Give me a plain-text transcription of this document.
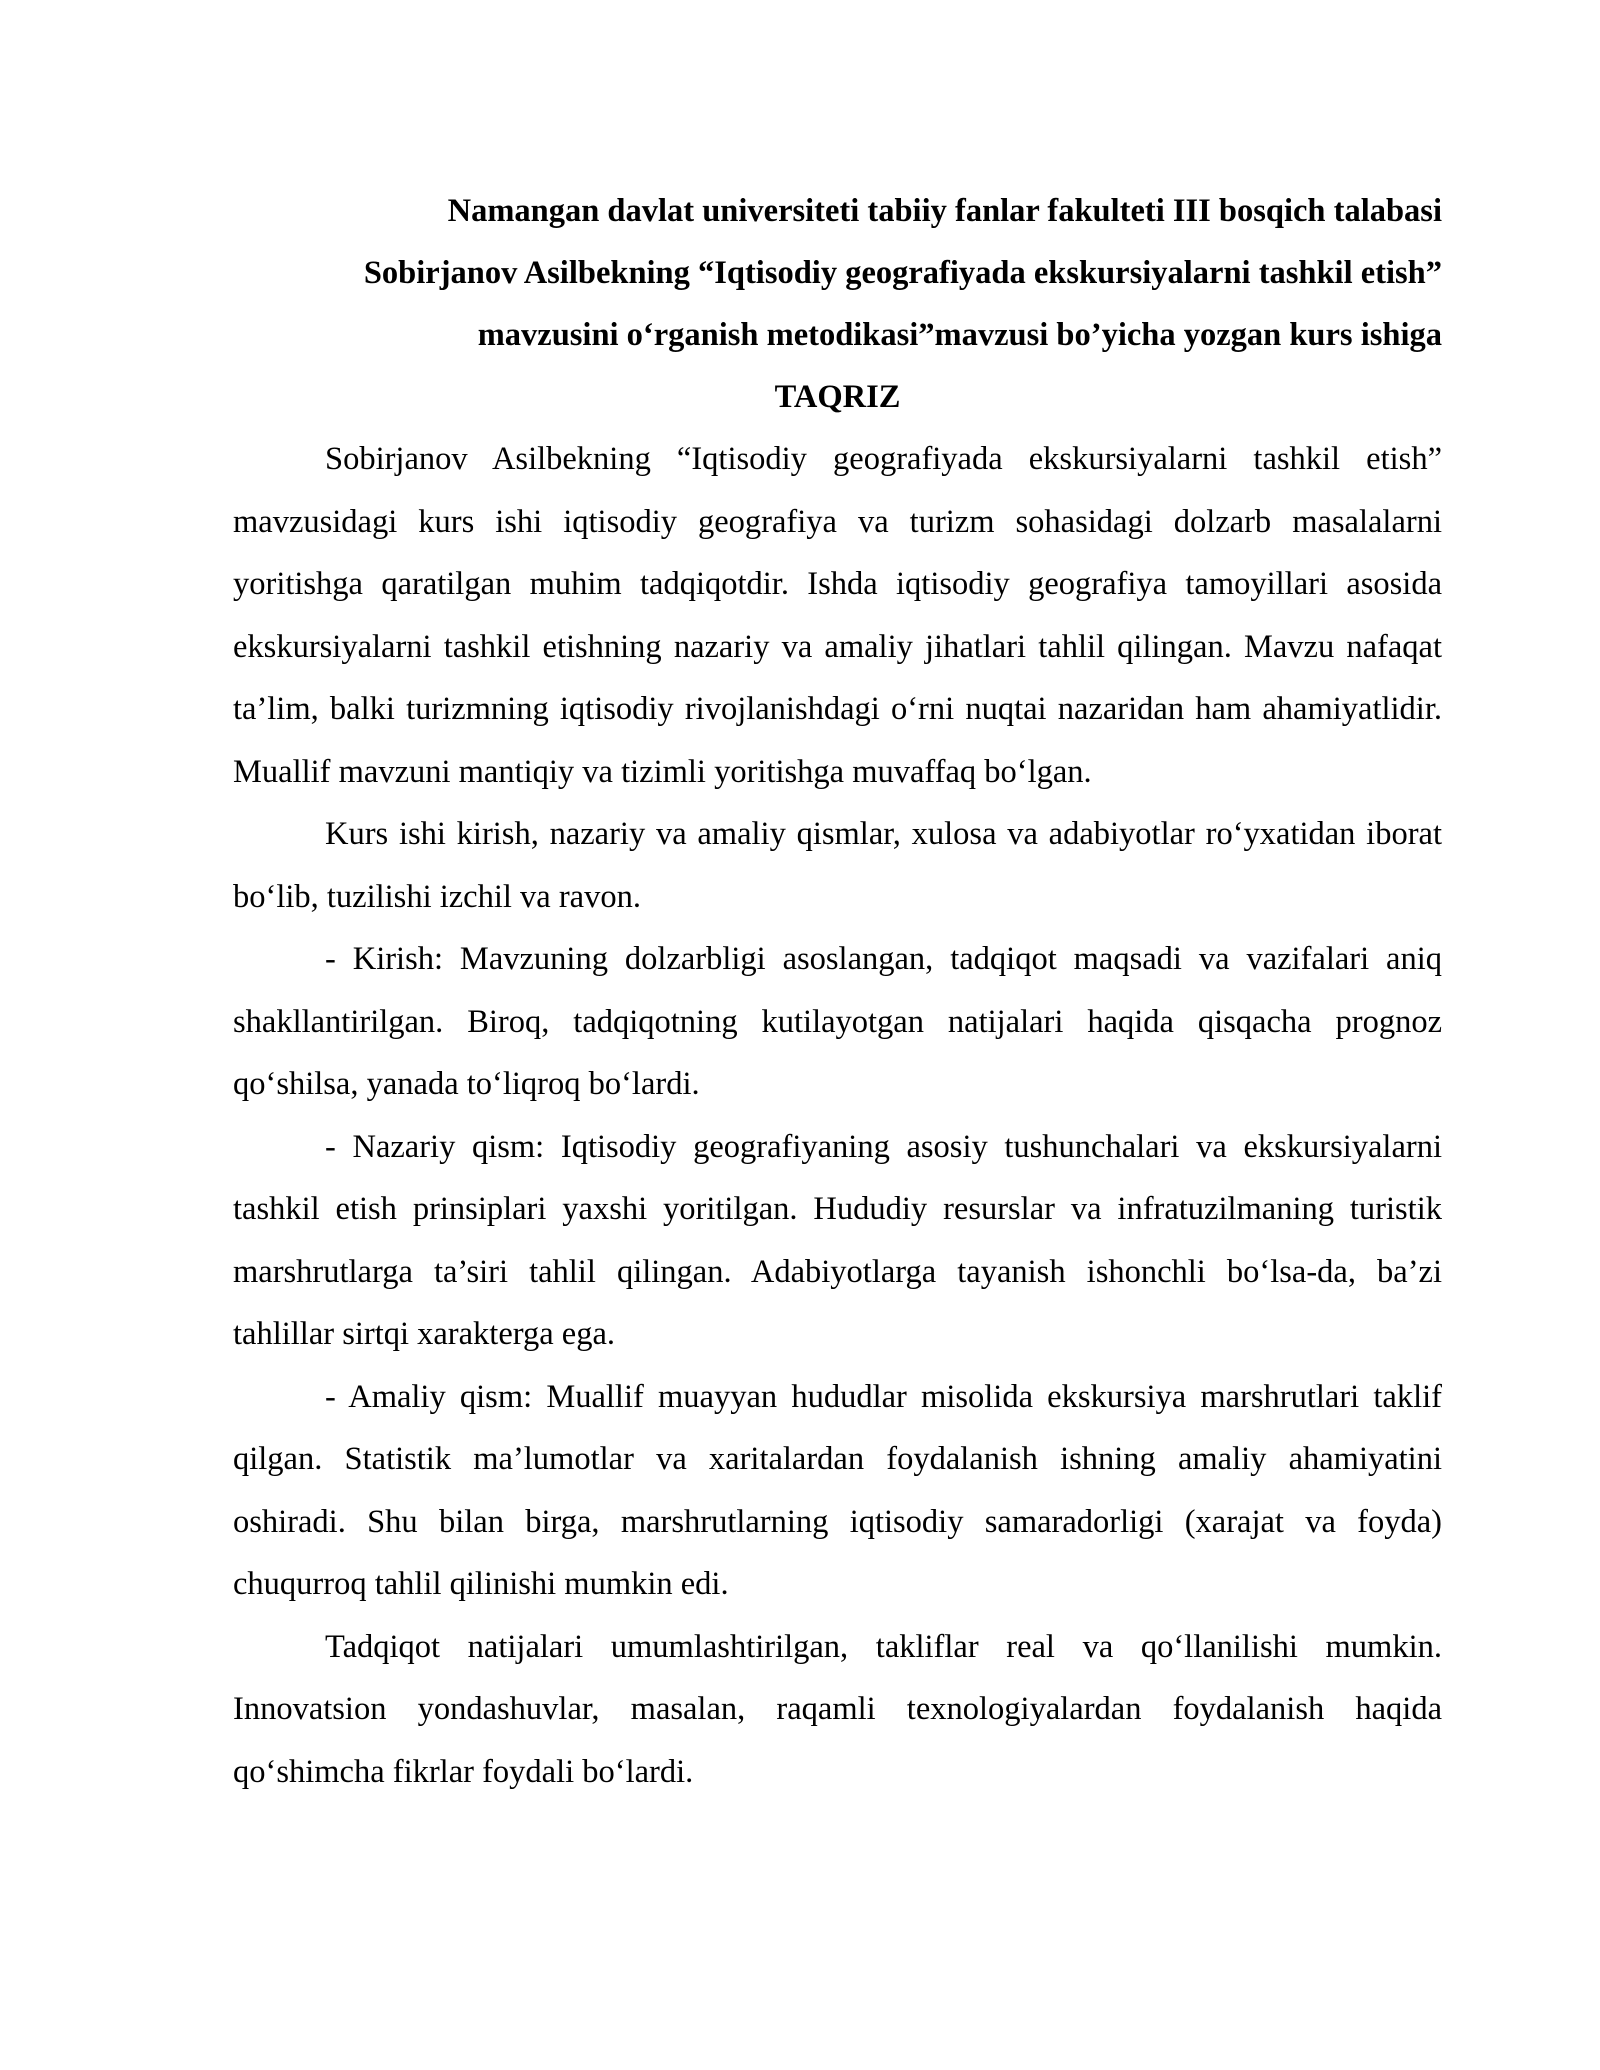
Namangan davlat universiteti tabiiy fanlar fakulteti III bosqich talabasi

Sobirjanov Asilbekning “Iqtisodiy geografiyada ekskursiyalarni tashkil etish”

mavzusini o‘rganish metodikasi”mavzusi bo’yicha yozgan kurs ishiga

TAQRIZ

Sobirjanov Asilbekning “Iqtisodiy geografiyada ekskursiyalarni tashkil etish” mavzusidagi kurs ishi iqtisodiy geografiya va turizm sohasidagi dolzarb masalalarni yoritishga qaratilgan muhim tadqiqotdir. Ishda iqtisodiy geografiya tamoyillari asosida ekskursiyalarni tashkil etishning nazariy va amaliy jihatlari tahlil qilingan. Mavzu nafaqat ta’lim, balki turizmning iqtisodiy rivojlanishdagi o‘rni nuqtai nazaridan ham ahamiyatlidir. Muallif mavzuni mantiqiy va tizimli yoritishga muvaffaq bo‘lgan.

Kurs ishi kirish, nazariy va amaliy qismlar, xulosa va adabiyotlar ro‘yxatidan iborat bo‘lib, tuzilishi izchil va ravon.

- Kirish: Mavzuning dolzarbligi asoslangan, tadqiqot maqsadi va vazifalari aniq shakllantirilgan. Biroq, tadqiqotning kutilayotgan natijalari haqida qisqacha prognoz qo‘shilsa, yanada to‘liqroq bo‘lardi.

- Nazariy qism: Iqtisodiy geografiyaning asosiy tushunchalari va ekskursiyalarni tashkil etish prinsiplari yaxshi yoritilgan. Hududiy resurslar va infratuzilmaning turistik marshrutlarga ta’siri tahlil qilingan. Adabiyotlarga tayanish ishonchli bo‘lsa-da, ba’zi tahlillar sirtqi xarakterga ega.

- Amaliy qism: Muallif muayyan hududlar misolida ekskursiya marshrutlari taklif qilgan. Statistik ma’lumotlar va xaritalardan foydalanish ishning amaliy ahamiyatini oshiradi. Shu bilan birga, marshrutlarning iqtisodiy samaradorligi (xarajat va foyda) chuqurroq tahlil qilinishi mumkin edi.

Tadqiqot natijalari umumlashtirilgan, takliflar real va qo‘llanilishi mumkin. Innovatsion yondashuvlar, masalan, raqamli texnologiyalardan foydalanish haqida qo‘shimcha fikrlar foydali bo‘lardi.
